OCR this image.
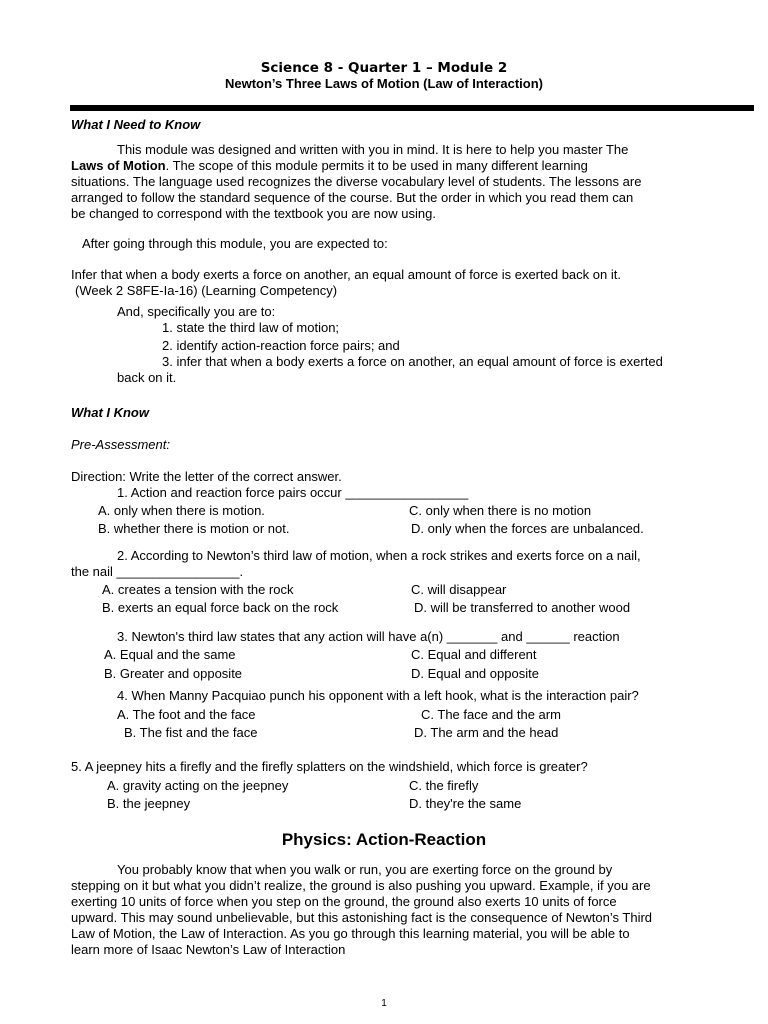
Science 8 - Quarter 1 – Module 2
Newton’s Three Laws of Motion (Law of Interaction)
What I Need to Know
This module was designed and written with you in mind. It is here to help you master The
Laws of Motion. The scope of this module permits it to be used in many different learning
situations. The language used recognizes the diverse vocabulary level of students. The lessons are
arranged to follow the standard sequence of the course. But the order in which you read them can
be changed to correspond with the textbook you are now using.
After going through this module, you are expected to:
Infer that when a body exerts a force on another, an equal amount of force is exerted back on it.
(Week 2 S8FE-Ia-16) (Learning Competency)
And, specifically you are to:
1. state the third law of motion;
2. identify action-reaction force pairs; and
3. infer that when a body exerts a force on another, an equal amount of force is exerted
back on it.
What I Know
Pre-Assessment:
Direction: Write the letter of the correct answer.
1. Action and reaction force pairs occur _________________
A. only when there is motion.	C. only when there is no motion
B. whether there is motion or not.	D. only when the forces are unbalanced.
2. According to Newton’s third law of motion, when a rock strikes and exerts force on a nail,
the nail _________________.
A. creates a tension with the rock	C. will disappear
B. exerts an equal force back on the rock	D. will be transferred to another wood
3. Newton's third law states that any action will have a(n) _______ and ______ reaction
A. Equal and the same	C. Equal and different
B. Greater and opposite	D. Equal and opposite
4. When Manny Pacquiao punch his opponent with a left hook, what is the interaction pair?
A. The foot and the face	C. The face and the arm
B. The fist and the face	D. The arm and the head
5. A jeepney hits a firefly and the firefly splatters on the windshield, which force is greater?
A. gravity acting on the jeepney	C. the firefly
B. the jeepney	D. they're the same
Physics: Action-Reaction
You probably know that when you walk or run, you are exerting force on the ground by
stepping on it but what you didn’t realize, the ground is also pushing you upward. Example, if you are
exerting 10 units of force when you step on the ground, the ground also exerts 10 units of force
upward. This may sound unbelievable, but this astonishing fact is the consequence of Newton’s Third
Law of Motion, the Law of Interaction. As you go through this learning material, you will be able to
learn more of Isaac Newton’s Law of Interaction
1
